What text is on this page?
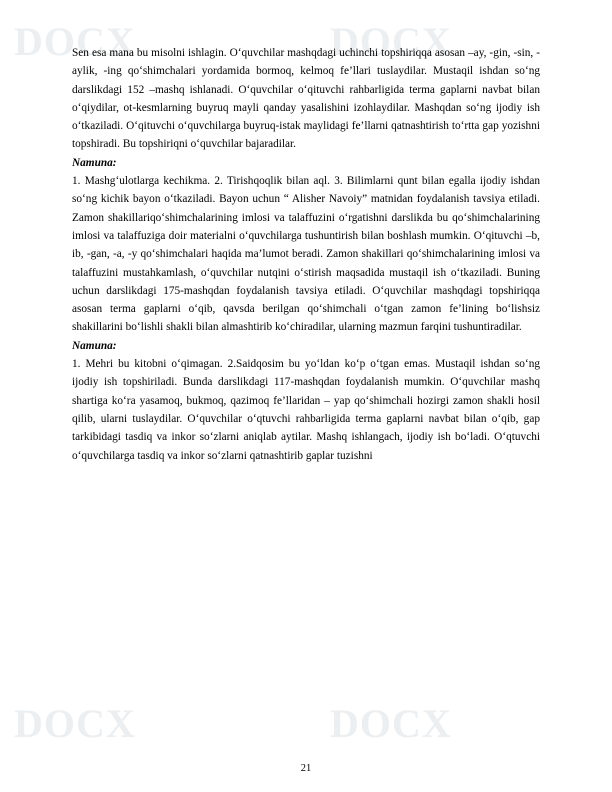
DOCX	DOCX
DOCX	DOCX

Sen esa mana bu misolni ishlagin. O‘quvchilar mashqdagi uchinchi topshiriqqa asosan –ay, -gin, -sin, -aylik, -ing qo‘shimchalari yordamida bormoq, kelmoq fe’llari tuslaydilar. Mustaqil ishdan so‘ng darslikdagi 152 –mashq ishlanadi. O‘quvchilar o‘qituvchi rahbarligida terma gaplarni navbat bilan o‘qiydilar, ot-kesmlarning buyruq mayli qanday yasalishini izohlaydilar. Mashqdan so‘ng ijodiy ish o‘tkaziladi. O‘qituvchi o‘quvchilarga buyruq-istak maylidagi fe’llarni qatnashtirish to‘rtta gap yozishni topshiradi. Bu topshiriqni o‘quvchilar bajaradilar.

Namuna:

1. Mashg‘ulotlarga kechikma. 2. Tirishqoqlik bilan aql. 3. Bilimlarni qunt bilan egalla ijodiy ishdan so‘ng kichik bayon o‘tkaziladi. Bayon uchun “ Alisher Navoiy” matnidan foydalanish tavsiya etiladi. Zamon shakillariqo‘shimchalarining imlosi va talaffuzini o‘rgatishni darslikda bu qo‘shimchalarining imlosi va talaffuziga doir materialni o‘quvchilarga tushuntirish bilan boshlash mumkin. O‘qituvchi –b, ib, -gan, -a, -y qo‘shimchalari haqida ma’lumot beradi. Zamon shakillari qo‘shimchalarining imlosi va talaffuzini mustahkamlash, o‘quvchilar nutqini o‘stirish maqsadida mustaqil ish o‘tkaziladi. Buning uchun darslikdagi 175-mashqdan foydalanish tavsiya etiladi. O‘quvchilar mashqdagi topshiriqqa asosan terma gaplarni o‘qib, qavsda berilgan qo‘shimchali o‘tgan zamon fe’lining bo‘lishsiz shakillarini bo‘lishli shakli bilan almashtirib ko‘chiradilar, ularning mazmun farqini tushuntiradilar.

Namuna:

1. Mehri bu kitobni o‘qimagan. 2.Saidqosim bu yo‘ldan ko‘p o‘tgan emas. Mustaqil ishdan so‘ng ijodiy ish topshiriladi. Bunda darslikdagi 117-mashqdan foydalanish mumkin. O‘quvchilar mashq shartiga ko‘ra yasamoq, bukmoq, qazimoq fe’llaridan – yap qo‘shimchali hozirgi zamon shakli hosil qilib, ularni tuslaydilar. O‘quvchilar o‘qtuvchi rahbarligida terma gaplarni navbat bilan o‘qib, gap tarkibidagi tasdiq va inkor so‘zlarni aniqlab aytilar. Mashq ishlangach, ijodiy ish bo‘ladi. O‘qtuvchi o‘quvchilarga tasdiq va inkor so‘zlarni qatnashtirib gaplar tuzishni

21
